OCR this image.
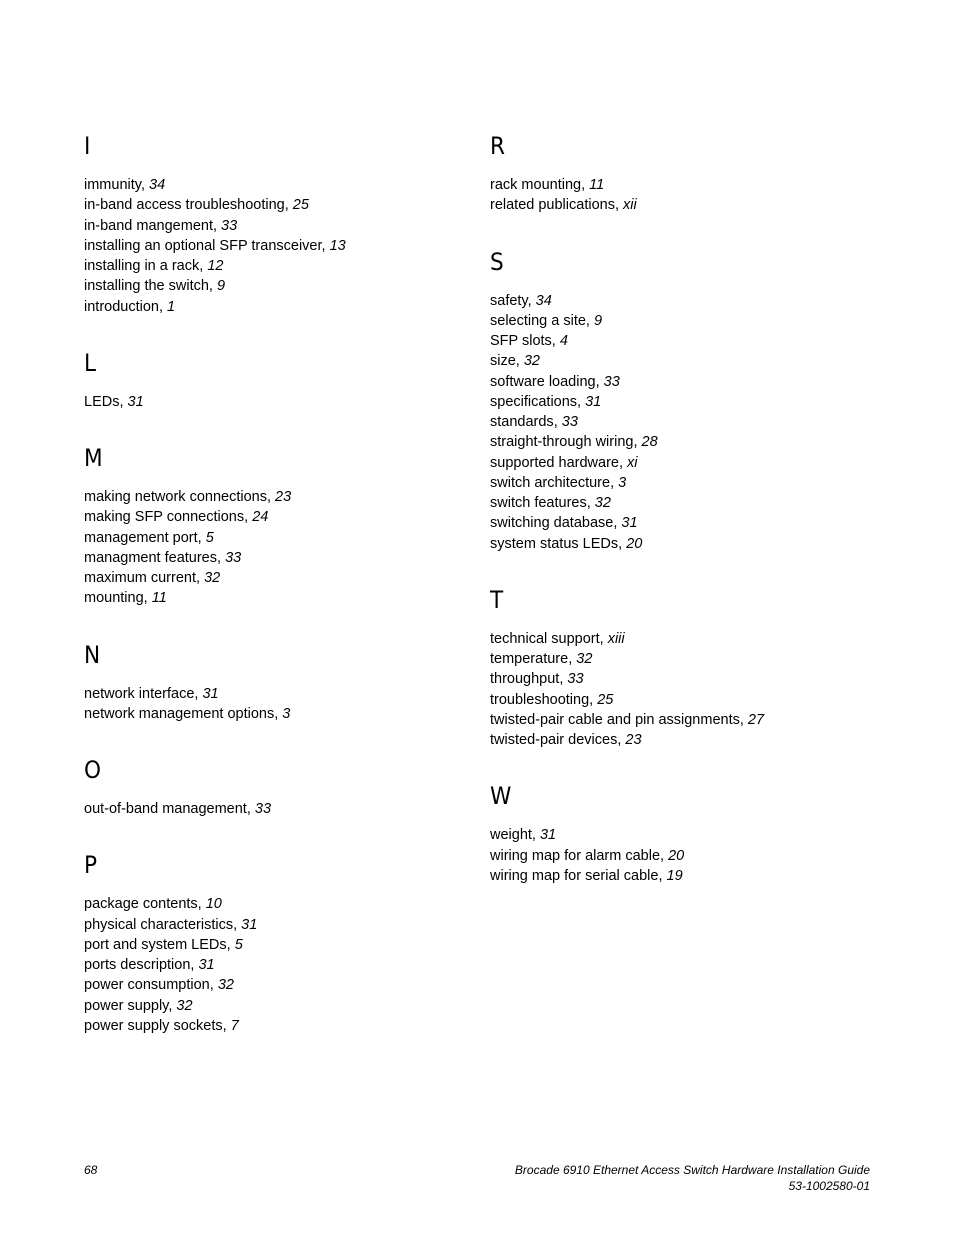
I
immunity, 34
in-band access troubleshooting, 25
in-band mangement, 33
installing an optional SFP transceiver, 13
installing in a rack, 12
installing the switch, 9
introduction, 1
L
LEDs, 31
M
making network connections, 23
making SFP connections, 24
management port, 5
managment features, 33
maximum current, 32
mounting, 11
N
network interface, 31
network management options, 3
O
out-of-band management, 33
P
package contents, 10
physical characteristics, 31
port and system LEDs, 5
ports description, 31
power consumption, 32
power supply, 32
power supply sockets, 7
R
rack mounting, 11
related publications, xii
S
safety, 34
selecting a site, 9
SFP slots, 4
size, 32
software loading, 33
specifications, 31
standards, 33
straight-through wiring, 28
supported hardware, xi
switch architecture, 3
switch features, 32
switching database, 31
system status LEDs, 20
T
technical support, xiii
temperature, 32
throughput, 33
troubleshooting, 25
twisted-pair cable and pin assignments, 27
twisted-pair devices, 23
W
weight, 31
wiring map for alarm cable, 20
wiring map for serial cable, 19
68	Brocade 6910 Ethernet Access Switch Hardware Installation Guide
53-1002580-01
